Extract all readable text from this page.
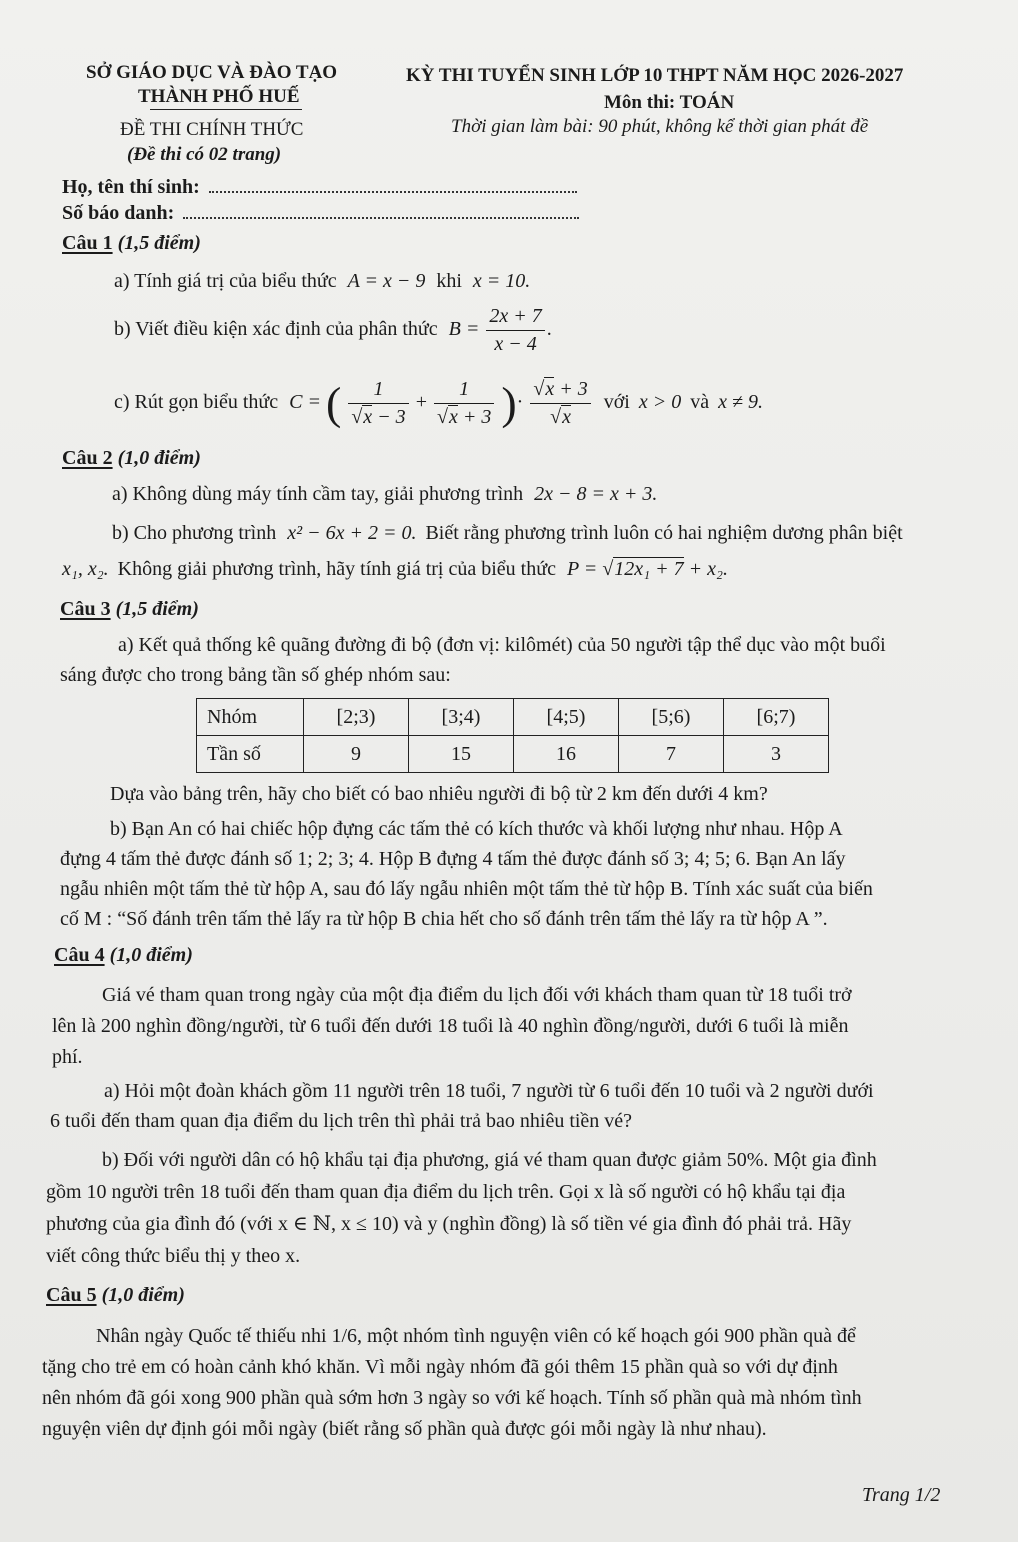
SỞ GIÁO DỤC VÀ ĐÀO TẠO
THÀNH PHỐ HUẾ
ĐỀ THI CHÍNH THỨC
(Đề thi có 02 trang)
KỲ THI TUYỂN SINH LỚP 10 THPT NĂM HỌC 2026-2027
Môn thi: TOÁN
Thời gian làm bài: 90 phút, không kể thời gian phát đề
Họ, tên thí sinh:
Số báo danh:
Câu 1 (1,5 điểm)
a) Tính giá trị của biểu thức A = x − 9 khi x = 10.
b) Viết điều kiện xác định của phân thức $B = \frac{2x + 7}{x - 4}$ .
c) Rút gọn biểu thức C = ( $\frac{1}{√x - 3} + \frac{1}{√x + 3}$ )· $\frac{√x + 3}{√x}$ với x > 0 và x ≠ 9.
Câu 2 (1,0 điểm)
a) Không dùng máy tính cầm tay, giải phương trình 2x − 8 = x + 3.
b) Cho phương trình x² − 6x + 2 = 0. Biết rằng phương trình luôn có hai nghiệm dương phân biệt
x₁, x₂. Không giải phương trình, hãy tính giá trị của biểu thức P = √12x₁ + 7 + x₂.
Câu 3 (1,5 điểm)
a) Kết quả thống kê quãng đường đi bộ (đơn vị: kilômét) của 50 người tập thể dục vào một buổi
sáng được cho trong bảng tần số ghép nhóm sau:
Nhóm	[2;3)	[3;4)	[4;5)	[5;6)	[6;7)
Tần số	9	15	16	7	3
Dựa vào bảng trên, hãy cho biết có bao nhiêu người đi bộ từ 2 km đến dưới 4 km?
b) Bạn An có hai chiếc hộp đựng các tấm thẻ có kích thước và khối lượng như nhau. Hộp A
đựng 4 tấm thẻ được đánh số 1; 2; 3; 4. Hộp B đựng 4 tấm thẻ được đánh số 3; 4; 5; 6. Bạn An lấy
ngẫu nhiên một tấm thẻ từ hộp A, sau đó lấy ngẫu nhiên một tấm thẻ từ hộp B. Tính xác suất của biến
cố M : “Số đánh trên tấm thẻ lấy ra từ hộp B chia hết cho số đánh trên tấm thẻ lấy ra từ hộp A ”.
Câu 4 (1,0 điểm)
Giá vé tham quan trong ngày của một địa điểm du lịch đối với khách tham quan từ 18 tuổi trở
lên là 200 nghìn đồng/người, từ 6 tuổi đến dưới 18 tuổi là 40 nghìn đồng/người, dưới 6 tuổi là miễn
phí.
a) Hỏi một đoàn khách gồm 11 người trên 18 tuổi, 7 người từ 6 tuổi đến 10 tuổi và 2 người dưới
6 tuổi đến tham quan địa điểm du lịch trên thì phải trả bao nhiêu tiền vé?
b) Đối với người dân có hộ khẩu tại địa phương, giá vé tham quan được giảm 50%. Một gia đình
gồm 10 người trên 18 tuổi đến tham quan địa điểm du lịch trên. Gọi x là số người có hộ khẩu tại địa
phương của gia đình đó (với x ∈ ℕ, x ≤ 10) và y (nghìn đồng) là số tiền vé gia đình đó phải trả. Hãy
viết công thức biểu thị y theo x.
Câu 5 (1,0 điểm)
Nhân ngày Quốc tế thiếu nhi 1/6, một nhóm tình nguyện viên có kế hoạch gói 900 phần quà để
tặng cho trẻ em có hoàn cảnh khó khăn. Vì mỗi ngày nhóm đã gói thêm 15 phần quà so với dự định
nên nhóm đã gói xong 900 phần quà sớm hơn 3 ngày so với kế hoạch. Tính số phần quà mà nhóm tình
nguyện viên dự định gói mỗi ngày (biết rằng số phần quà được gói mỗi ngày là như nhau).
Trang 1/2
